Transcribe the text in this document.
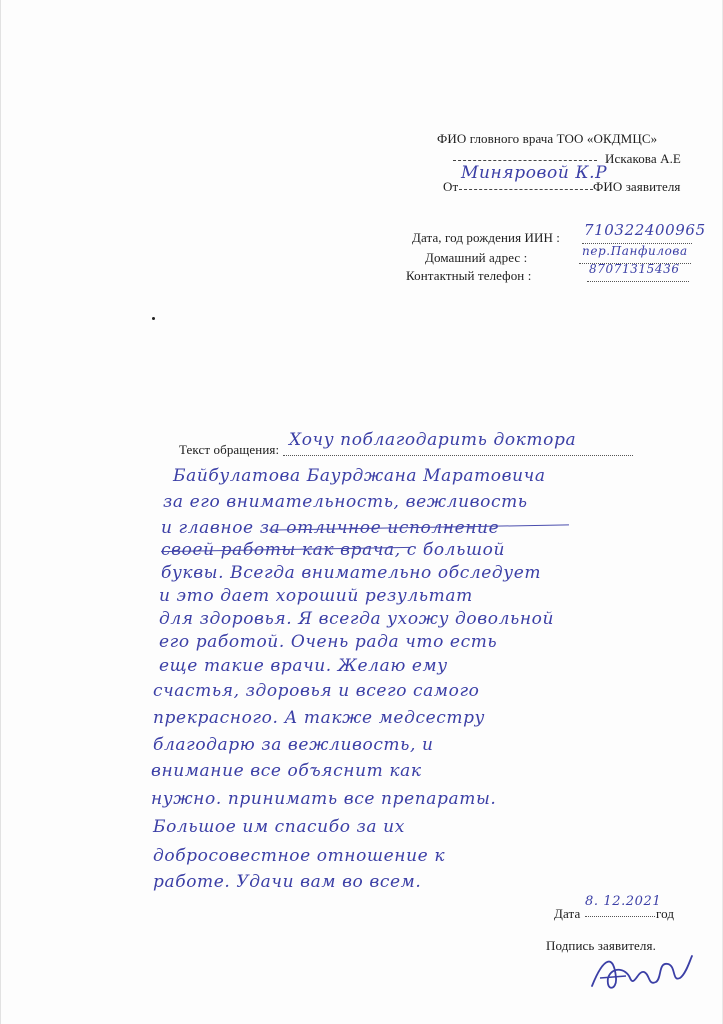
ФИО гловного врача ТОО «ОКДМЦС»
Искакова А.Е
От
Миняровой К.Р
ФИО заявителя
Дата, год рождения ИИН : 710322400965
Домашний адрес :	пер.Панфилова
Контактный телефон :	87071315436
Текст обращения: Хочу поблагодарить доктора
Байбулатова Баурджана Маратовича
за его внимательность, вежливость
и главное за отличное исполнение
своей работы как врача, с большой
буквы. Всегда внимательно обследует
и это дает хороший результат
для здоровья. Я всегда ухожу довольной
его работой. Очень рада что есть
еще такие врачи. Желаю ему
счастья, здоровья и всего самого
прекрасного. А также медсестру
благодарю за вежливость, и
внимание все объяснит как
нужно. принимать все препараты.
Большое им спасибо за их
добросовестное отношение к
работе. Удачи вам во всем.
Дата
8. 12.2021
год
Подпись заявителя.
